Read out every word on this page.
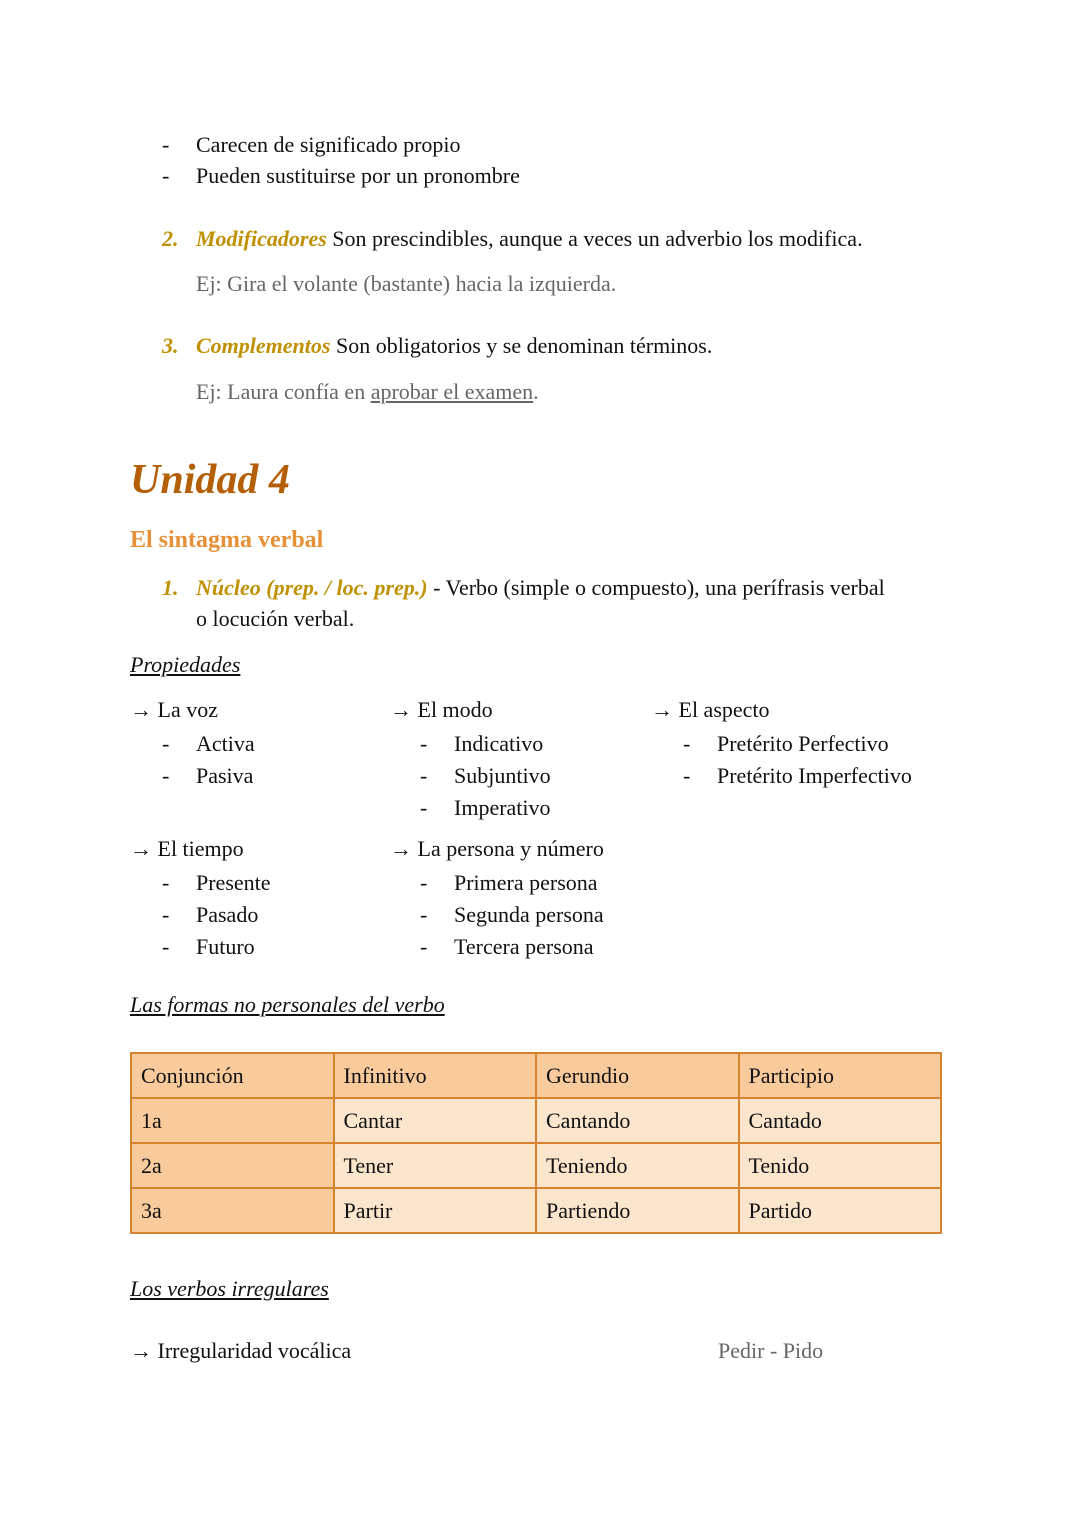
- Carecen de significado propio
- Pueden sustituirse por un pronombre
2. Modificadores Son prescindibles, aunque a veces un adverbio los modifica.
Ej: Gira el volante (bastante) hacia la izquierda.
3. Complementos Son obligatorios y se denominan términos.
Ej: Laura confía en aprobar el examen.
Unidad 4
El sintagma verbal
1. Núcleo (prep. / loc. prep.) - Verbo (simple o compuesto), una perífrasis verbal
o locución verbal.
Propiedades
→ La voz
- Activa
- Pasiva
→ El modo
- Indicativo
- Subjuntivo
- Imperativo
→ El aspecto
- Pretérito Perfectivo
- Pretérito Imperfectivo
→ El tiempo
- Presente
- Pasado
- Futuro
→ La persona y número
- Primera persona
- Segunda persona
- Tercera persona
Las formas no personales del verbo
Conjunción	Infinitivo	Gerundio	Participio
1a	Cantar	Cantando	Cantado
2a	Tener	Teniendo	Tenido
3a	Partir	Partiendo	Partido
Los verbos irregulares
→ Irregularidad vocálica	Pedir - Pido
